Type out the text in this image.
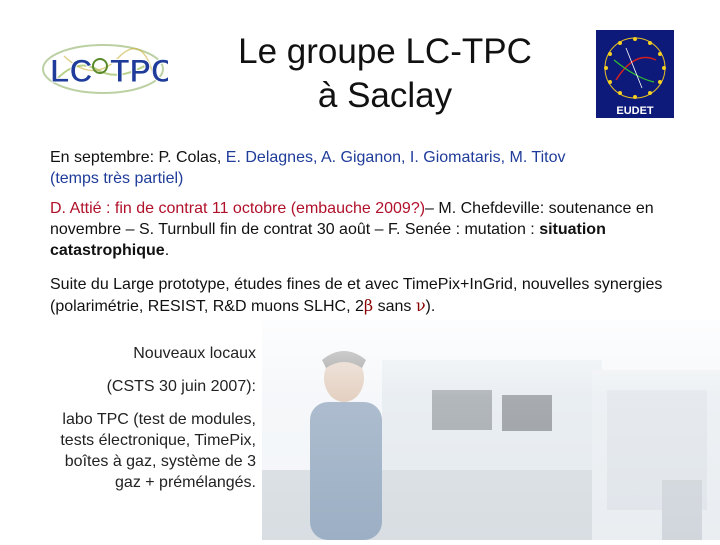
LC TPC	Le groupe LC-TPC
à Saclay	EUDET
En septembre: P. Colas, E. Delagnes, A. Giganon, I. Giomataris, M. Titov
(temps très partiel)
D. Attié : fin de contrat 11 octobre (embauche 2009?)– M. Chefdeville: soutenance en novembre – S. Turnbull fin de contrat 30 août – F. Senée : mutation : situation catastrophique.
Suite du Large prototype, études fines de et avec TimePix+InGrid, nouvelles synergies (polarimétrie, RESIST, R&D muons SLHC, 2β sans ν).
Nouveaux locaux
(CSTS 30 juin 2007):
labo TPC (test de modules,
tests électronique, TimePix,
boîtes à gaz, système de 3
gaz + prémélangés.
